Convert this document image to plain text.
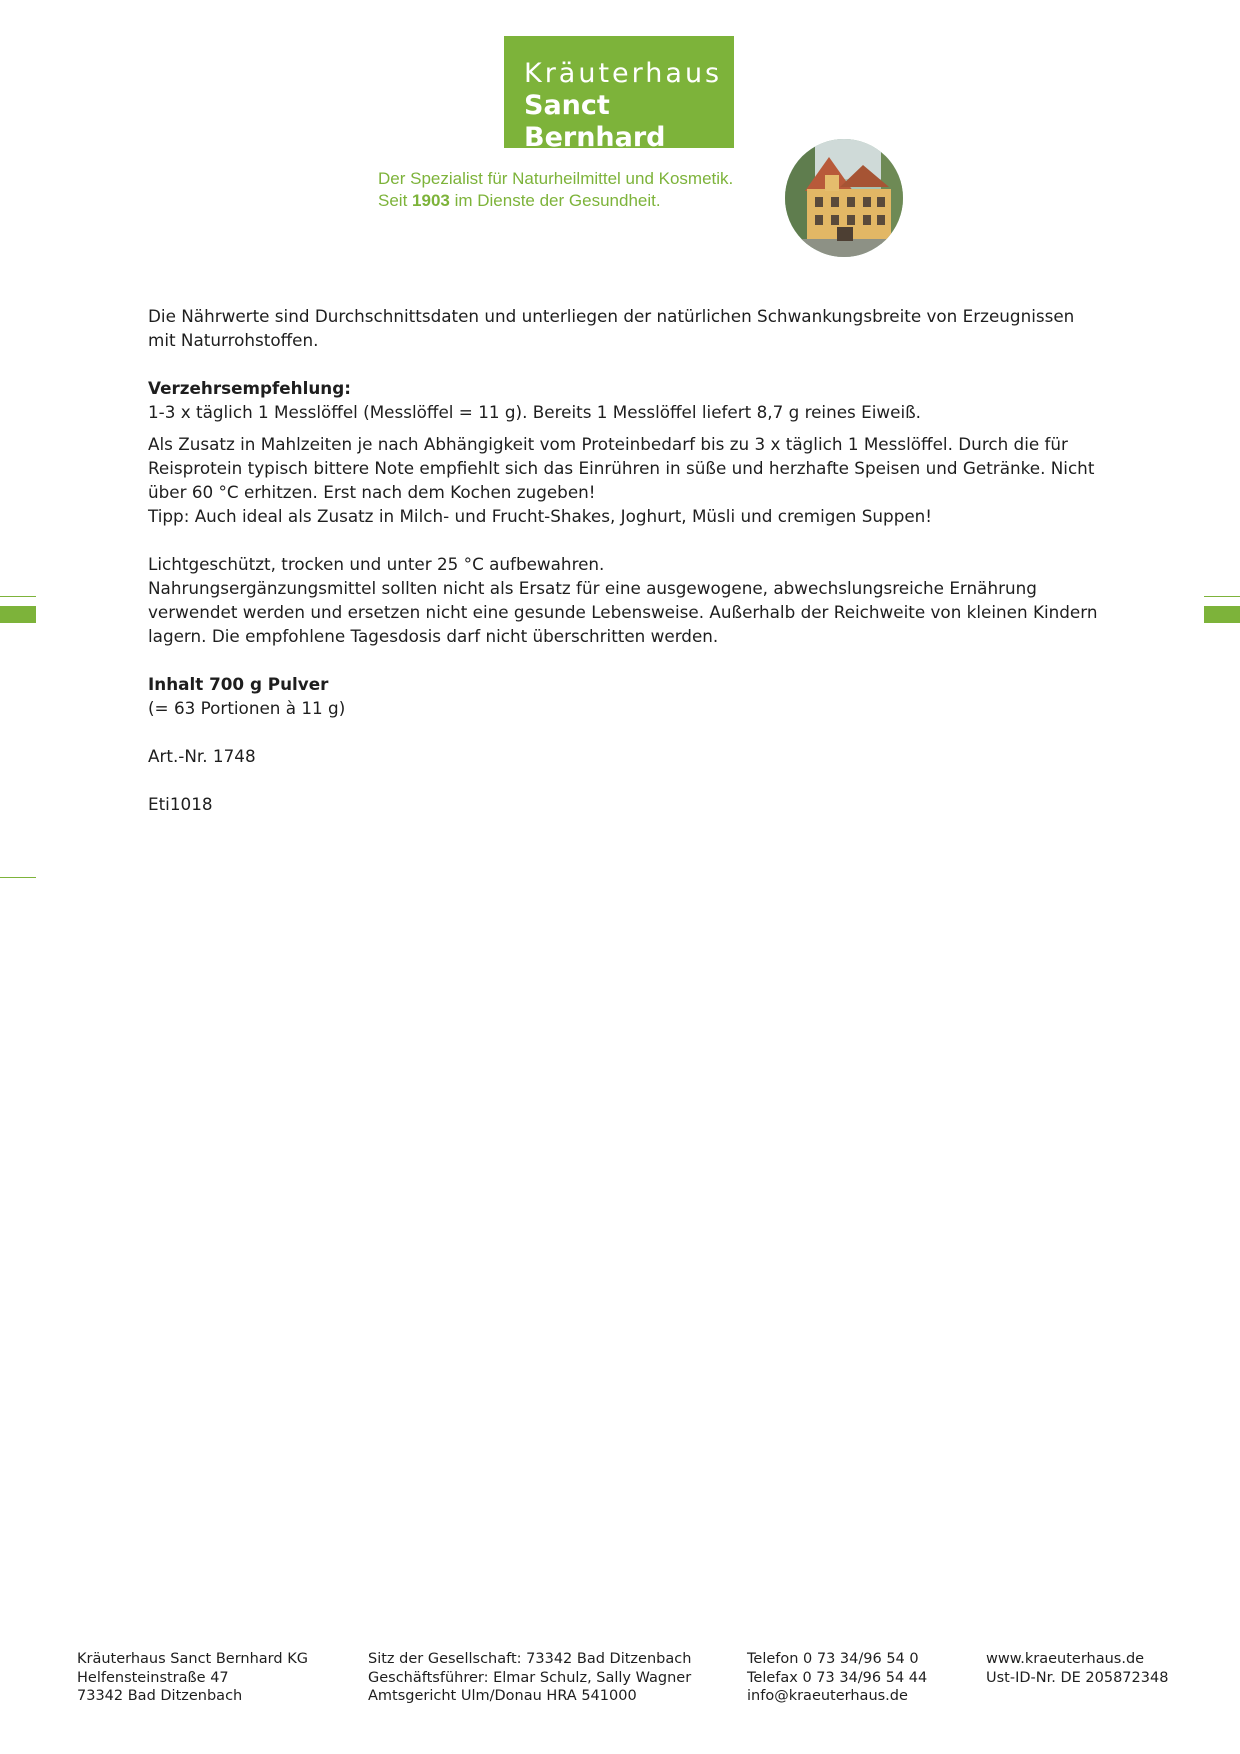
Kräuterhaus
Sanct Bernhard
Der Spezialist für Naturheilmittel und Kosmetik.
Seit 1903 im Dienste der Gesundheit.

Die Nährwerte sind Durchschnittsdaten und unterliegen der natürlichen Schwankungsbreite von Erzeugnissen mit Naturrohstoffen.

Verzehrsempfehlung:

1-3 x täglich 1 Messlöffel (Messlöffel = 11 g). Bereits 1 Messlöffel liefert 8,7 g reines Eiweiß.

Als Zusatz in Mahlzeiten je nach Abhängigkeit vom Proteinbedarf bis zu 3 x täglich 1 Messlöffel. Durch die für Reisprotein typisch bittere Note empfiehlt sich das Einrühren in süße und herzhafte Speisen und Getränke. Nicht über 60 °C erhitzen. Erst nach dem Kochen zugeben!

Tipp: Auch ideal als Zusatz in Milch- und Frucht-Shakes, Joghurt, Müsli und cremigen Suppen!

Lichtgeschützt, trocken und unter 25 °C aufbewahren.

Nahrungsergänzungsmittel sollten nicht als Ersatz für eine ausgewogene, abwechslungsreiche Ernährung verwendet werden und ersetzen nicht eine gesunde Lebensweise. Außerhalb der Reichweite von kleinen Kindern lagern. Die empfohlene Tagesdosis darf nicht überschritten werden.

Inhalt 700 g Pulver

(= 63 Portionen à 11 g)

Art.-Nr. 1748

Eti1018

Kräuterhaus Sanct Bernhard KG
Helfensteinstraße 47
73342 Bad Ditzenbach
Sitz der Gesellschaft: 73342 Bad Ditzenbach
Geschäftsführer: Elmar Schulz, Sally Wagner
Amtsgericht Ulm/Donau HRA 541000
Telefon 0 73 34/96 54 0
Telefax 0 73 34/96 54 44
info@kraeuterhaus.de
www.kraeuterhaus.de
Ust-ID-Nr. DE 205872348
